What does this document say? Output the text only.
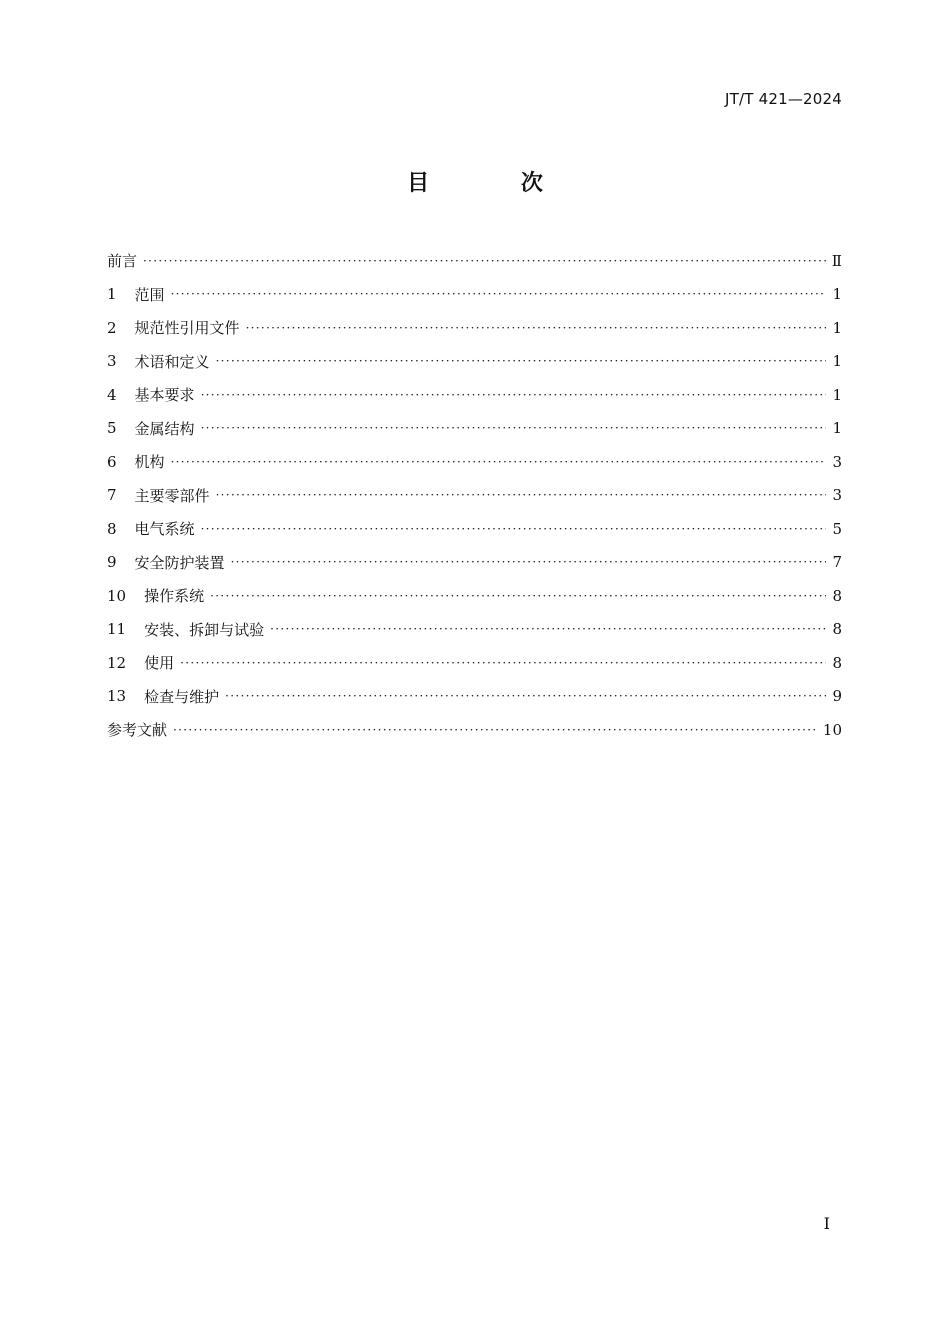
JT/T 421—2024
目 次
前言 ·····	Ⅱ
1	范围 ·····	1
2	规范性引用文件 ·····	1
3	术语和定义 ·····	1
4	基本要求 ·····	1
5	金属结构 ·····	1
6	机构 ·····	3
7	主要零部件 ·····	3
8	电气系统 ·····	5
9	安全防护装置 ·····	7
10	操作系统 ·····	8
11	安装、拆卸与试验 ·····	8
12	使用 ·····	8
13	检查与维护 ·····	9
参考文献 ·····	10
Ⅰ
